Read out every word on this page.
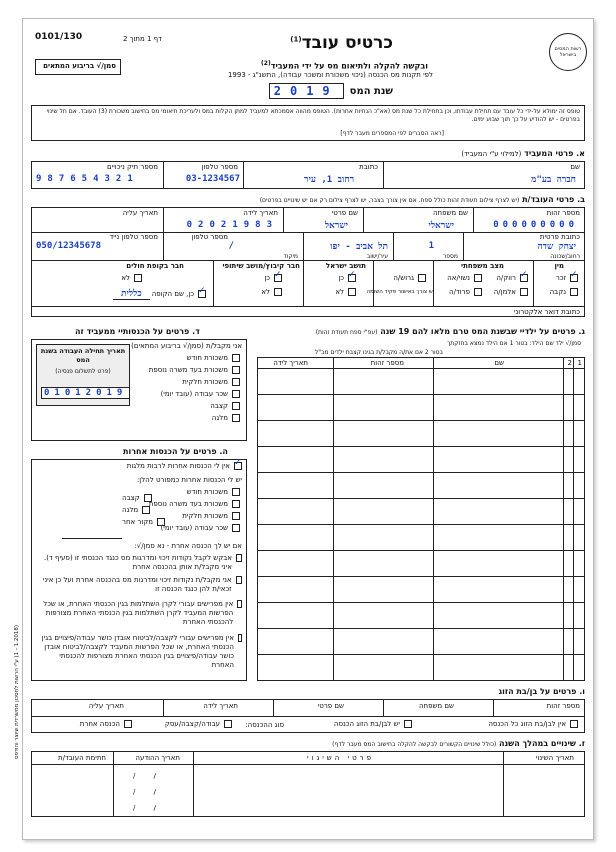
רשות המסים בישראל
0101/130	דף 1 מתוך 2
סמן/√ בריבוע המתאים
כרטיס עובד$^{(1)}$
ובקשה להקלה ולתיאום מס על ידי המעביד$^{(2)}$
לפי תקנות מס הכנסה (ניכוי משכורת ומשכר עבודה), התשנ"ג - 1993
שנת המס
2019
טופס זה ימולא על-ידי כל עובד עם תחילת עבודתו, וכן בתחילת כל שנת מס (אא"כ הנחיות אחרות). הטופס מהווה אסמכתא למעביד למתן הקלות במס ולעריכת תיאומי מס בחישוב משכורת (3) העובד. אם חל שינוי בפרטים - יש להודיע על כך תוך שבוע ימים.
[ראה הסברים לפי המספרים מעבר לדף]
א. פרטי המעביד (למילוי ע"י המעביד)
שם
חברה בע"מ
כתובת
רחוב 1, עיר
מספר טלפון
03-1234567
מספר תיק ניכויים
987654321
ב. פרטי העובד/ת (יש לצרף צילום תעודת זהות כולל ספח. אם אין צורך בצבר, יש לצרף צילום רק אם יש שינויים בפרטים)
מספר זהות
000000000
שם משפחה
ישראלי
שם פרטי
ישראל
תאריך לידה
02021983
תאריך עליה
כתובת פרטית
יצחק שדה
רחוב/שכונה
1
מספר
תל אביב - יפו
עיר/ישוב
מיקוד
מספר טלפון
/
מספר טלפון נייד
050/12345678
מין
✓
זכר
נקבה
מצב משפחתי
✓
רווק/ה
אלמן/ה
נשוי/אה
פרוד/ה
גרוש/ה
יש צורך באישור פקיד השומה
תושב ישראל
✓
כן
לא
חבר קיבוץ/מושב שיתופי
✓
כן
לא
חבר בקופת חולים
לא
✓
כן, שם הקופה
כללית
כתובת דואר אלקטרוני
ד. פרטים על הכנסותיי ממעביד זה
אני מקבל/ת (סמן/√ בריבוע המתאים)
משכורת חודש
משכורת בעד משרה נוספת
משכורת חלקית
שכר עבודה (עובד יומי)
קצבה
מלגה
תאריך תחילה העבודה בשנת המס
(פרט לתשלום פנסיה)
01012019
ה. פרטים על הכנסות אחרות
✓
אין לי הכנסות אחרות לרבות מלגות
יש לי הכנסות אחרות כמפורט להלן:
משכורת חודש
משכורת בעד משרה נוספת
משכורת חלקית
שכר עבודה (עובד יומי)
קצבה
מלגה
מקור אחר
אם יש לך הכנסה אחרת - נא סמן/√:
אבקש לקבל נקודות זיכוי ומדרגות מס כנגד הכנסתי זו (סעיף ד). איני מקבל/ת אותן בהכנסה אחרת
אני מקבל/ת נקודות זיכוי ומדרגות מס בהכנסה אחרת ועל כן איני זכאי/ת להן כנגד הכנסה זו
אין מפרישים עבורי לקרן השתלמות בגין הכנסתי האחרת, או שכל הפרשות המעביד לקרן השתלמות בגין הכנסתי האחרת מצורפות להכנסתי האחרת
אין מפרישים עבורי לקצבה/לביטוח אובדן כושר עבודה/פיצויים בגין הכנסתי האחרת, או שכל הפרשות המעביד לקצבה/לביטוח אובדן כושר עבודה/פיצויים בגין הכנסתי האחרת מצורפות להכנסתי האחרת
ג. פרטים על ילדיי שבשנת המס טרם מלאו להם 19 שנה (עפ"י ספח תעודת זהות)
סמן/√ ילד שם הילד: בטור 1 אם הילד נמצא בחזקתך
בטור 2 אם את/ה מקבל/ת בגינו קצבת ילדים מב"ל
1
2
שם
מספר זהות
תאריך לידה
ו. פרטים על בן/בת הזוג
מספר זהות
שם משפחה
שם פרטי
תאריך לידה
תאריך עליה
אין לבן/בת הזוג כל הכנסה
יש לבן/בת הזוג הכנסה
סוג ההכנסה:
עבודה/קצבה/עסק
הכנסה אחרת
ז. שינויים במהלך השנה (כולל שינויים הקשורים לבקשה להקלה בחישוב המס מעבר לדף)
תאריך השינוי
פרטי השינוי
תאריך ההודעה
חתימת העובד/ת
/ /
/ /
/ /
(1.2018 - 1) ע"י הרשות לחסכון ממשרדית שיוצר והודפס
